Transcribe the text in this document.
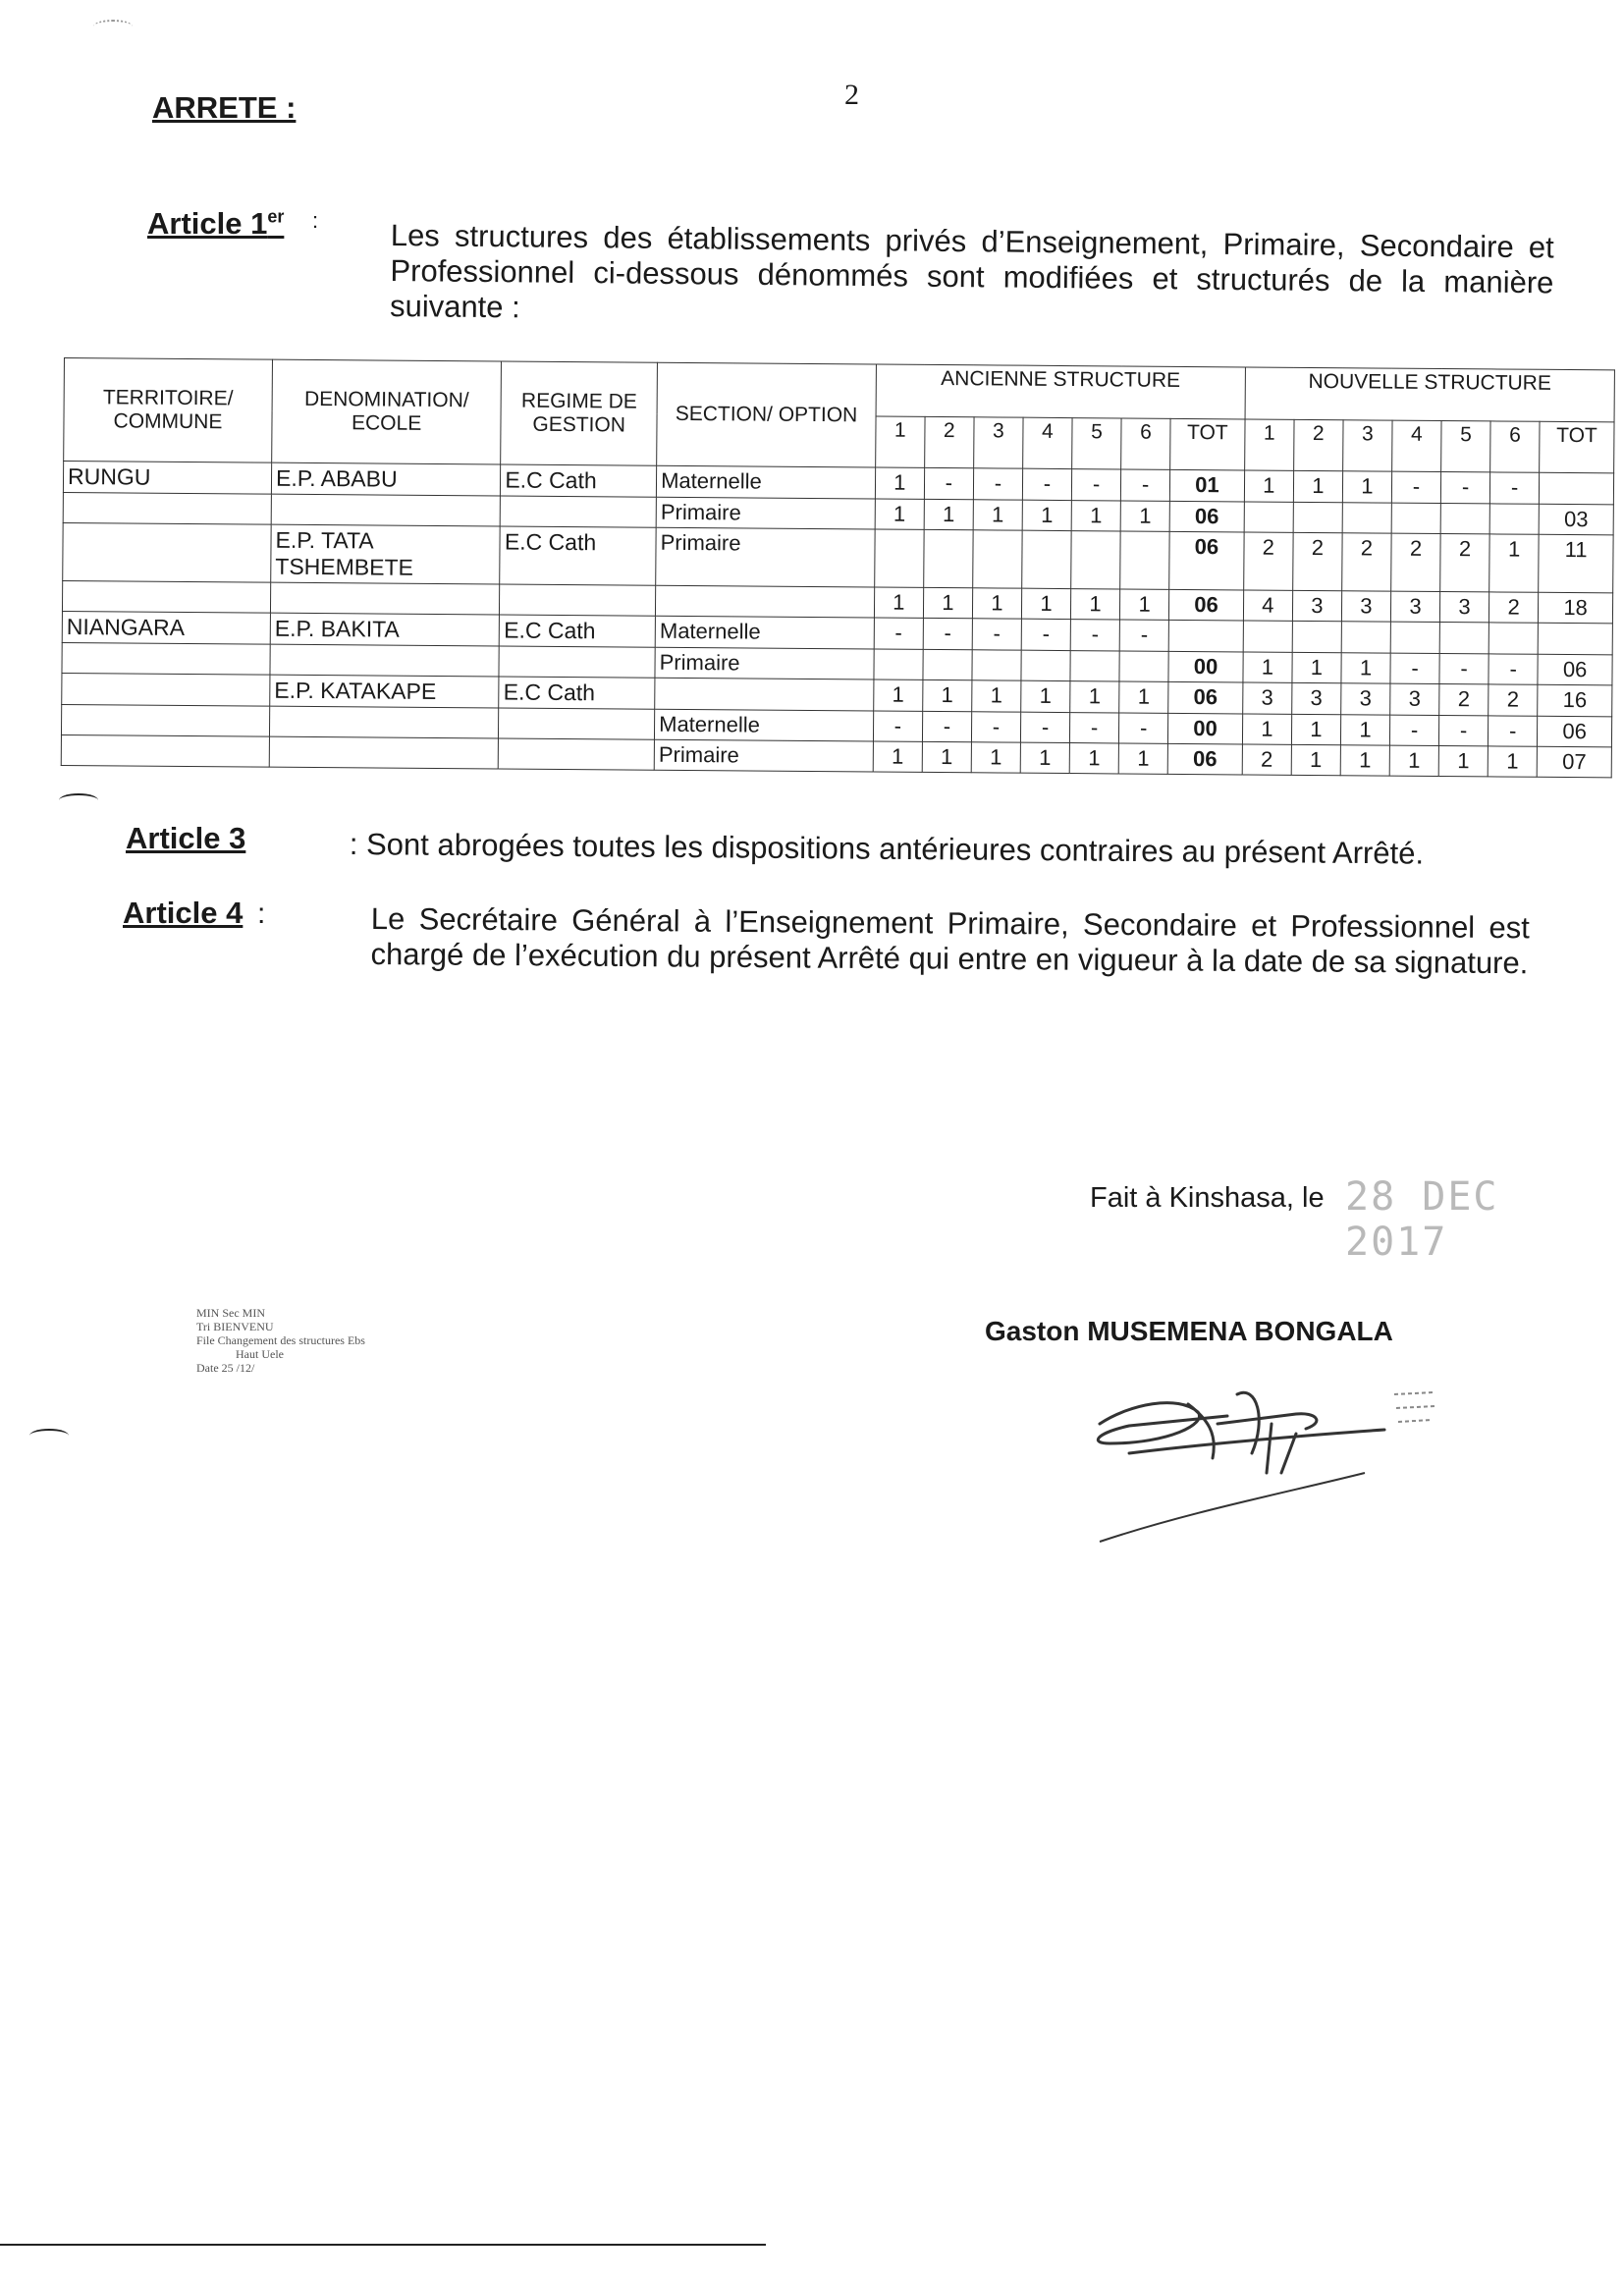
2
ARRETE :
Article 1er : Les structures des établissements privés d’Enseignement, Primaire, Secondaire et Professionnel ci-dessous dénommés sont modifiées et structurés de la manière suivante :
TERRITOIRE/ COMMUNE	DENOMINATION/ ECOLE	REGIME DE GESTION	SECTION/ OPTION	ANCIENNE STRUCTURE							NOUVELLE STRUCTURE						
				1	2	3	4	5	6	TOT	1	2	3	4	5	6	TOT
RUNGU	E.P. ABABU	E.C Cath	Maternelle	1	-	-	-	-	-	01	1	1	1	-	-	-	
			Primaire	1	1	1	1	1	1	06							03
	E.P. TATA TSHEMBETE	E.C Cath	Primaire							06	2	2	2	2	2	1	11
				1	1	1	1	1	1	06	4	3	3	3	3	2	18
NIANGARA	E.P. BAKITA	E.C Cath	Maternelle	-	-	-	-	-	-								
			Primaire							00	1	1	1	-	-	-	06
	E.P. KATAKAPE	E.C Cath		1	1	1	1	1	1	06	3	3	3	3	2	2	16
			Maternelle	-	-	-	-	-	-	00	1	1	1	-	-	-	06
			Primaire	1	1	1	1	1	1	06	2	1	1	1	1	1	07
Article 3	: Sont abrogées toutes les dispositions antérieures contraires au présent Arrêté.
Article 4 :	Le Secrétaire Général à l’Enseignement Primaire, Secondaire et Professionnel est chargé de l’exécution du présent Arrêté qui entre en vigueur à la date de sa signature.
Fait à Kinshasa, le 28 DEC 2017
MIN Sec MIN
Tri BIENVENU
File Changement des structures Ebs
Haut Uele
Date 25 /12/
Gaston MUSEMENA BONGALA
